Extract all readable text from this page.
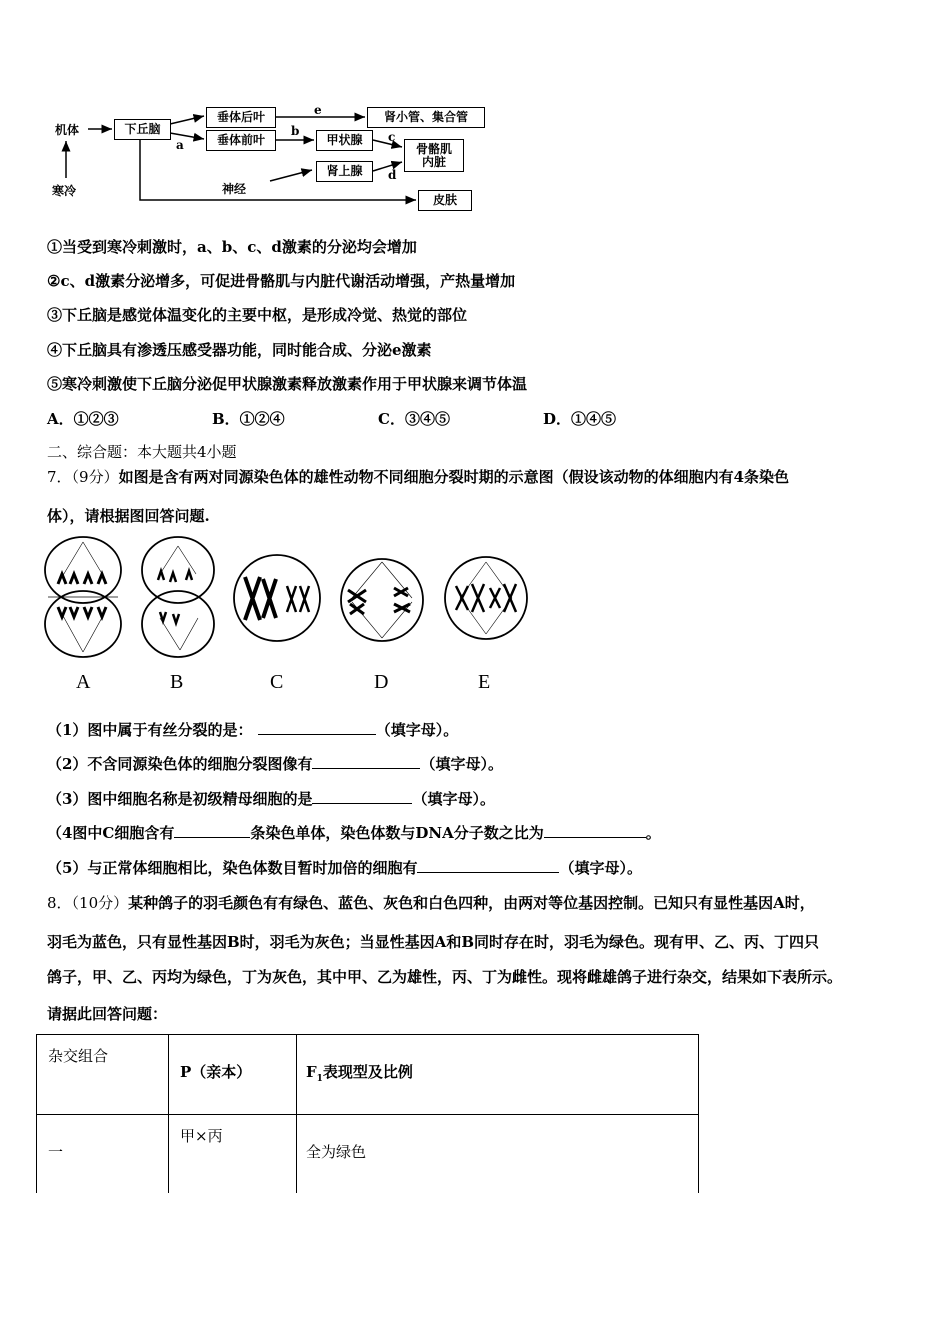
机体
寒冷
下丘脑
垂体后叶
垂体前叶
肾小管、集合管
甲状腺
肾上腺
骨骼肌
内脏
皮肤
神经
a
b	c
d
e
①当受到寒冷刺激时，a、b、c、d激素的分泌均会增加
②c、d激素分泌增多，可促进骨骼肌与内脏代谢活动增强，产热量增加
③下丘脑是感觉体温变化的主要中枢，是形成冷觉、热觉的部位
④下丘脑具有渗透压感受器功能，同时能合成、分泌e激素
⑤寒冷刺激使下丘脑分泌促甲状腺激素释放激素作用于甲状腺来调节体温
A．①②③	B．①②④	C．③④⑤	D．①④⑤
二、综合题：本大题共4小题
7．（9分）如图是含有两对同源染色体的雄性动物不同细胞分裂时期的示意图（假设该动物的体细胞内有4条染色
体），请根据图回答问题.
A	B	C	D	E
（1）图中属于有丝分裂的是：	（填字母）。
（2）不含同源染色体的细胞分裂图像有	（填字母）。
（3）图中细胞名称是初级精母细胞的是	（填字母）。
（4图中C细胞含有	条染色单体，染色体数与DNA分子数之比为	。
（5）与正常体细胞相比，染色体数目暂时加倍的细胞有	（填字母）。
8．（10分）某种鸽子的羽毛颜色有有绿色、蓝色、灰色和白色四种，由两对等位基因控制。已知只有显性基因A时，
羽毛为蓝色，只有显性基因B时，羽毛为灰色；当显性基因A和B同时存在时，羽毛为绿色。现有甲、乙、丙、丁四只
鸽子，甲、乙、丙均为绿色，丁为灰色，其中甲、乙为雄性，丙、丁为雌性。现将雌雄鸽子进行杂交，结果如下表所示。
请据此回答问题：
杂交组合	P（亲本）	$F_1$表现型及比例

一	甲×丙	全为绿色
